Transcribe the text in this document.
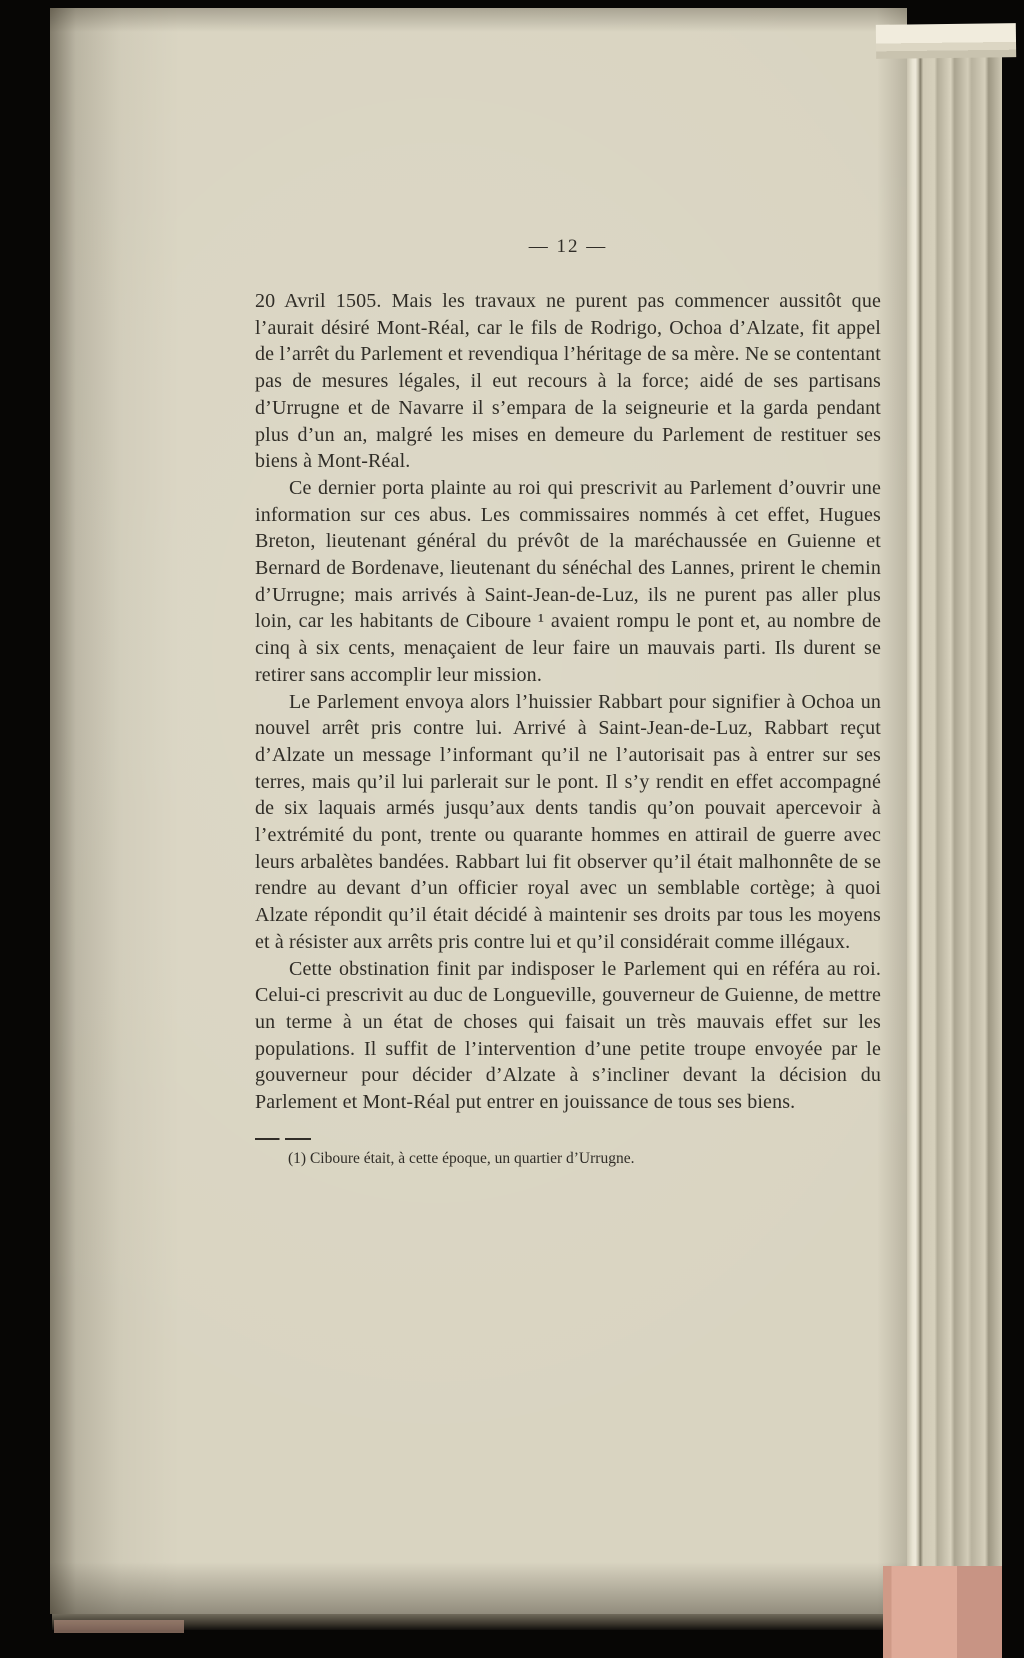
— 12 —

20 Avril 1505. Mais les travaux ne purent pas commencer aussitôt que l’aurait désiré Mont-Réal, car le fils de Rodrigo, Ochoa d’Alzate, fit appel de l’arrêt du Parlement et revendiqua l’héritage de sa mère. Ne se contentant pas de mesures légales, il eut recours à la force; aidé de ses partisans d’Urrugne et de Navarre il s’empara de la seigneurie et la garda pendant plus d’un an, malgré les mises en demeure du Parlement de restituer ses biens à Mont-Réal.

Ce dernier porta plainte au roi qui prescrivit au Parlement d’ouvrir une information sur ces abus. Les commissaires nommés à cet effet, Hugues Breton, lieutenant général du prévôt de la maréchaussée en Guienne et Bernard de Bordenave, lieutenant du sénéchal des Lannes, prirent le chemin d’Urrugne; mais arrivés à Saint-Jean-de-Luz, ils ne purent pas aller plus loin, car les habitants de Ciboure ¹ avaient rompu le pont et, au nombre de cinq à six cents, menaçaient de leur faire un mauvais parti. Ils durent se retirer sans accomplir leur mission.

Le Parlement envoya alors l’huissier Rabbart pour signifier à Ochoa un nouvel arrêt pris contre lui. Arrivé à Saint-Jean-de-Luz, Rabbart reçut d’Alzate un message l’informant qu’il ne l’autorisait pas à entrer sur ses terres, mais qu’il lui parlerait sur le pont. Il s’y rendit en effet accompagné de six laquais armés jusqu’aux dents tandis qu’on pouvait apercevoir à l’extrémité du pont, trente ou quarante hommes en attirail de guerre avec leurs arbalètes bandées. Rabbart lui fit observer qu’il était malhonnête de se rendre au devant d’un officier royal avec un semblable cortège; à quoi Alzate répondit qu’il était décidé à maintenir ses droits par tous les moyens et à résister aux arrêts pris contre lui et qu’il considérait comme illégaux.

Cette obstination finit par indisposer le Parlement qui en référa au roi. Celui-ci prescrivit au duc de Longueville, gouverneur de Guienne, de mettre un terme à un état de choses qui faisait un très mauvais effet sur les populations. Il suffit de l’intervention d’une petite troupe envoyée par le gouverneur pour décider d’Alzate à s’incliner devant la décision du Parlement et Mont-Réal put entrer en jouissance de tous ses biens.

(1) Ciboure était, à cette époque, un quartier d’Urrugne.
